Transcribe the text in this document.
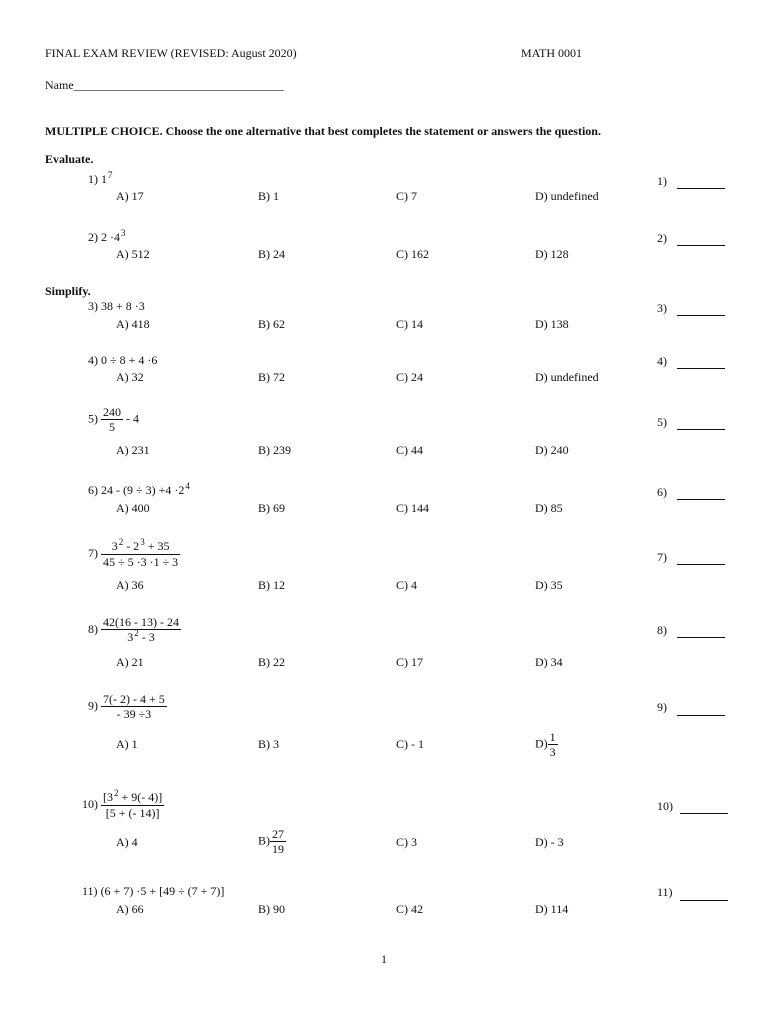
FINAL EXAM REVIEW (REVISED: August 2020)	MATH 0001
Name___________________________________
MULTIPLE CHOICE. Choose the one alternative that best completes the statement or answers the question.
Evaluate.
1) $1^7$	1)
A) 17	B) 1	C) 7	D) undefined
2) $2 \cdot 4^3$	2)
A) 512	B) 24	C) 162	D) 128
Simplify.
3) 38 + 8 ·3	3)
A) 418	B) 62	C) 14	D) 138
4) 0 ÷ 8 + 4 ·6	4)
A) 32	B) 72	C) 24	D) undefined
$5) \frac{240}{5} - 4$	5)
A) 231	B) 239	C) 44	D) 240
6) $24 - (9 \div 3) +4 \cdot 2^4$	6)
A) 400	B) 69	C) 144	D) 85
$7) \frac{3^2 - 2^3 + 35}{45 \div 5 \cdot 3 \cdot 1 \div 3}$	7)
A) 36	B) 12	C) 4	D) 35
$8) \frac{42(16 - 13) - 24}{3^2 - 3}$	8)
A) 21	B) 22	C) 17	D) 34
$9) \frac{7(- 2) - 4 + 5}{- 39 \div 3}$	9)
A) 1	B) 3	C) - 1	$D) \frac{1}{3}$
$10) \frac{[3^2 + 9(- 4)]}{[5 + (- 14)]}$	10)
A) 4	$B) \frac{27}{19}$	C) 3	D) - 3
11) (6 + 7) ·5 + [49 ÷ (7 + 7)]	11)
A) 66	B) 90	C) 42	D) 114
1
